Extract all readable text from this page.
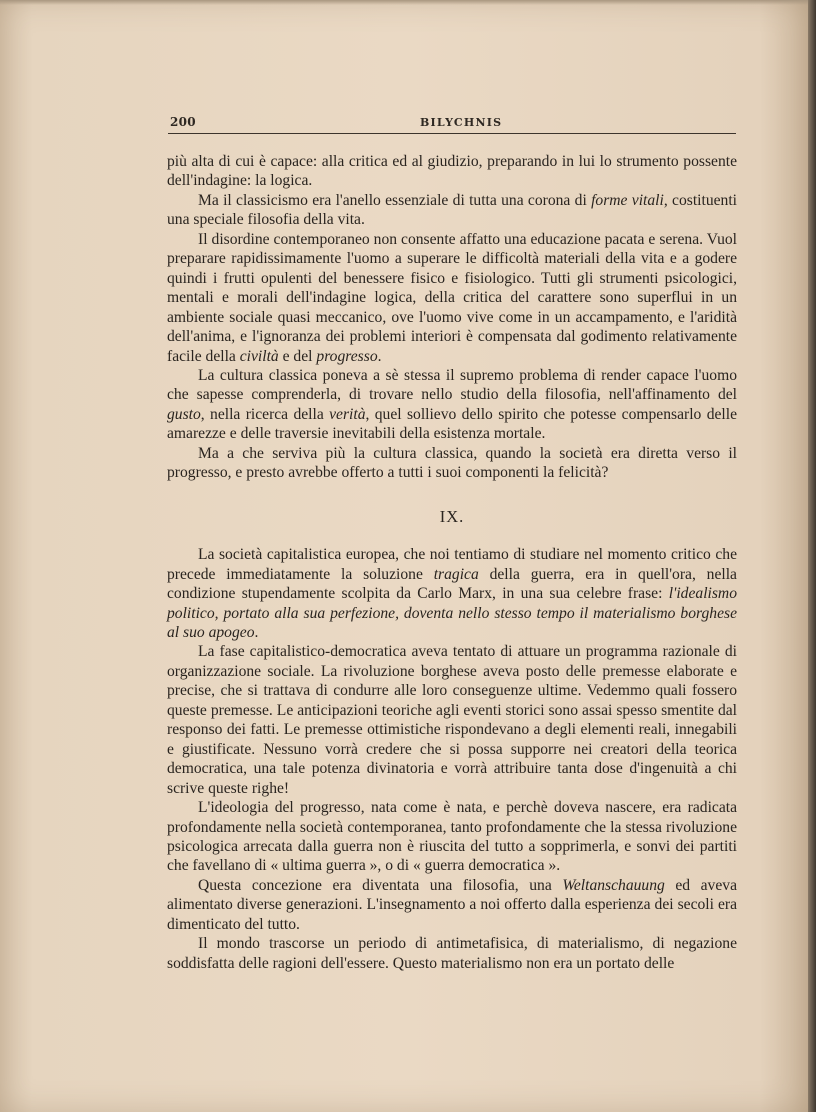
200	BILYCHNIS

più alta di cui è capace: alla critica ed al giudizio, preparando in lui lo strumento possente dell'indagine: la logica.

Ma il classicismo era l'anello essenziale di tutta una corona di forme vitali, costituenti una speciale filosofia della vita.

Il disordine contemporaneo non consente affatto una educazione pacata e serena. Vuol preparare rapidissimamente l'uomo a superare le difficoltà materiali della vita e a godere quindi i frutti opulenti del benessere fisico e fisiologico. Tutti gli strumenti psicologici, mentali e morali dell'indagine logica, della critica del carattere sono superflui in un ambiente sociale quasi meccanico, ove l'uomo vive come in un accampamento, e l'aridità dell'anima, e l'ignoranza dei problemi interiori è compensata dal godimento relativamente facile della civiltà e del progresso.

La cultura classica poneva a sè stessa il supremo problema di render capace l'uomo che sapesse comprenderla, di trovare nello studio della filosofia, nell'affinamento del gusto, nella ricerca della verità, quel sollievo dello spirito che potesse compensarlo delle amarezze e delle traversie inevitabili della esistenza mortale.

Ma a che serviva più la cultura classica, quando la società era diretta verso il progresso, e presto avrebbe offerto a tutti i suoi componenti la felicità?

IX.

La società capitalistica europea, che noi tentiamo di studiare nel momento critico che precede immediatamente la soluzione tragica della guerra, era in quell'ora, nella condizione stupendamente scolpita da Carlo Marx, in una sua celebre frase: l'idealismo politico, portato alla sua perfezione, doventa nello stesso tempo il materialismo borghese al suo apogeo.

La fase capitalistico-democratica aveva tentato di attuare un programma razionale di organizzazione sociale. La rivoluzione borghese aveva posto delle premesse elaborate e precise, che si trattava di condurre alle loro conseguenze ultime. Vedemmo quali fossero queste premesse. Le anticipazioni teoriche agli eventi storici sono assai spesso smentite dal responso dei fatti. Le premesse ottimistiche rispondevano a degli elementi reali, innegabili e giustificate. Nessuno vorrà credere che si possa supporre nei creatori della teorica democratica, una tale potenza divinatoria e vorrà attribuire tanta dose d'ingenuità a chi scrive queste righe!

L'ideologia del progresso, nata come è nata, e perchè doveva nascere, era radicata profondamente nella società contemporanea, tanto profondamente che la stessa rivoluzione psicologica arrecata dalla guerra non è riuscita del tutto a sopprimerla, e sonvi dei partiti che favellano di « ultima guerra », o di « guerra democratica ».

Questa concezione era diventata una filosofia, una Weltanschauung ed aveva alimentato diverse generazioni. L'insegnamento a noi offerto dalla esperienza dei secoli era dimenticato del tutto.

Il mondo trascorse un periodo di antimetafisica, di materialismo, di negazione soddisfatta delle ragioni dell'essere. Questo materialismo non era un portato delle
